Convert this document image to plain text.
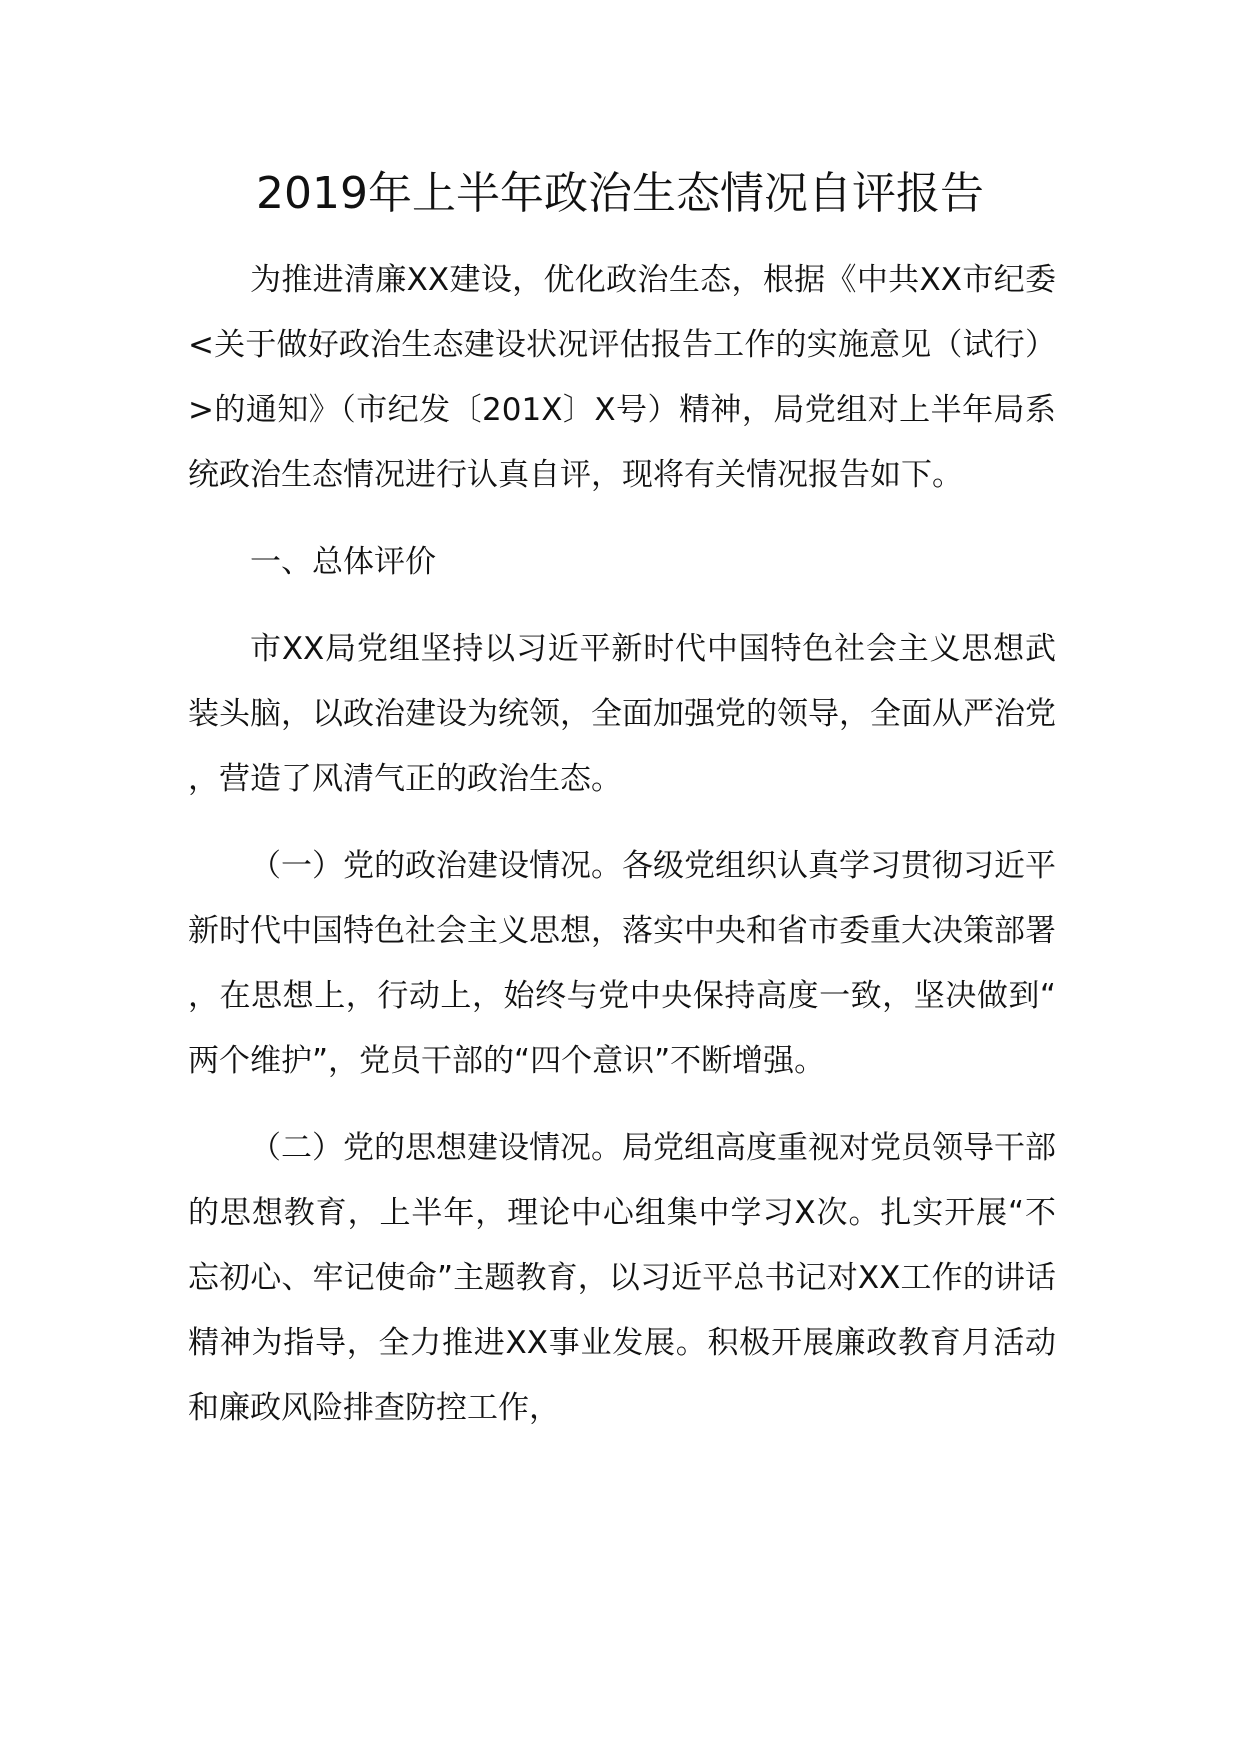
2019年上半年政治生态情况自评报告

为推进清廉XX建设，优化政治生态，根据《中共XX市纪委<关于做好政治生态建设状况评估报告工作的实施意见（试行）>的通知》（市纪发〔201X〕X号）精神，局党组对上半年局系统政治生态情况进行认真自评，现将有关情况报告如下。

一、总体评价

市XX局党组坚持以习近平新时代中国特色社会主义思想武装头脑，以政治建设为统领，全面加强党的领导，全面从严治党，营造了风清气正的政治生态。

（一）党的政治建设情况。各级党组织认真学习贯彻习近平新时代中国特色社会主义思想，落实中央和省市委重大决策部署，在思想上，行动上，始终与党中央保持高度一致，坚决做到“两个维护”，党员干部的“四个意识”不断增强。

（二）党的思想建设情况。局党组高度重视对党员领导干部的思想教育，上半年，理论中心组集中学习X次。扎实开展“不忘初心、牢记使命”主题教育，以习近平总书记对XX工作的讲话精神为指导，全力推进XX事业发展。积极开展廉政教育月活动和廉政风险排查防控工作，
